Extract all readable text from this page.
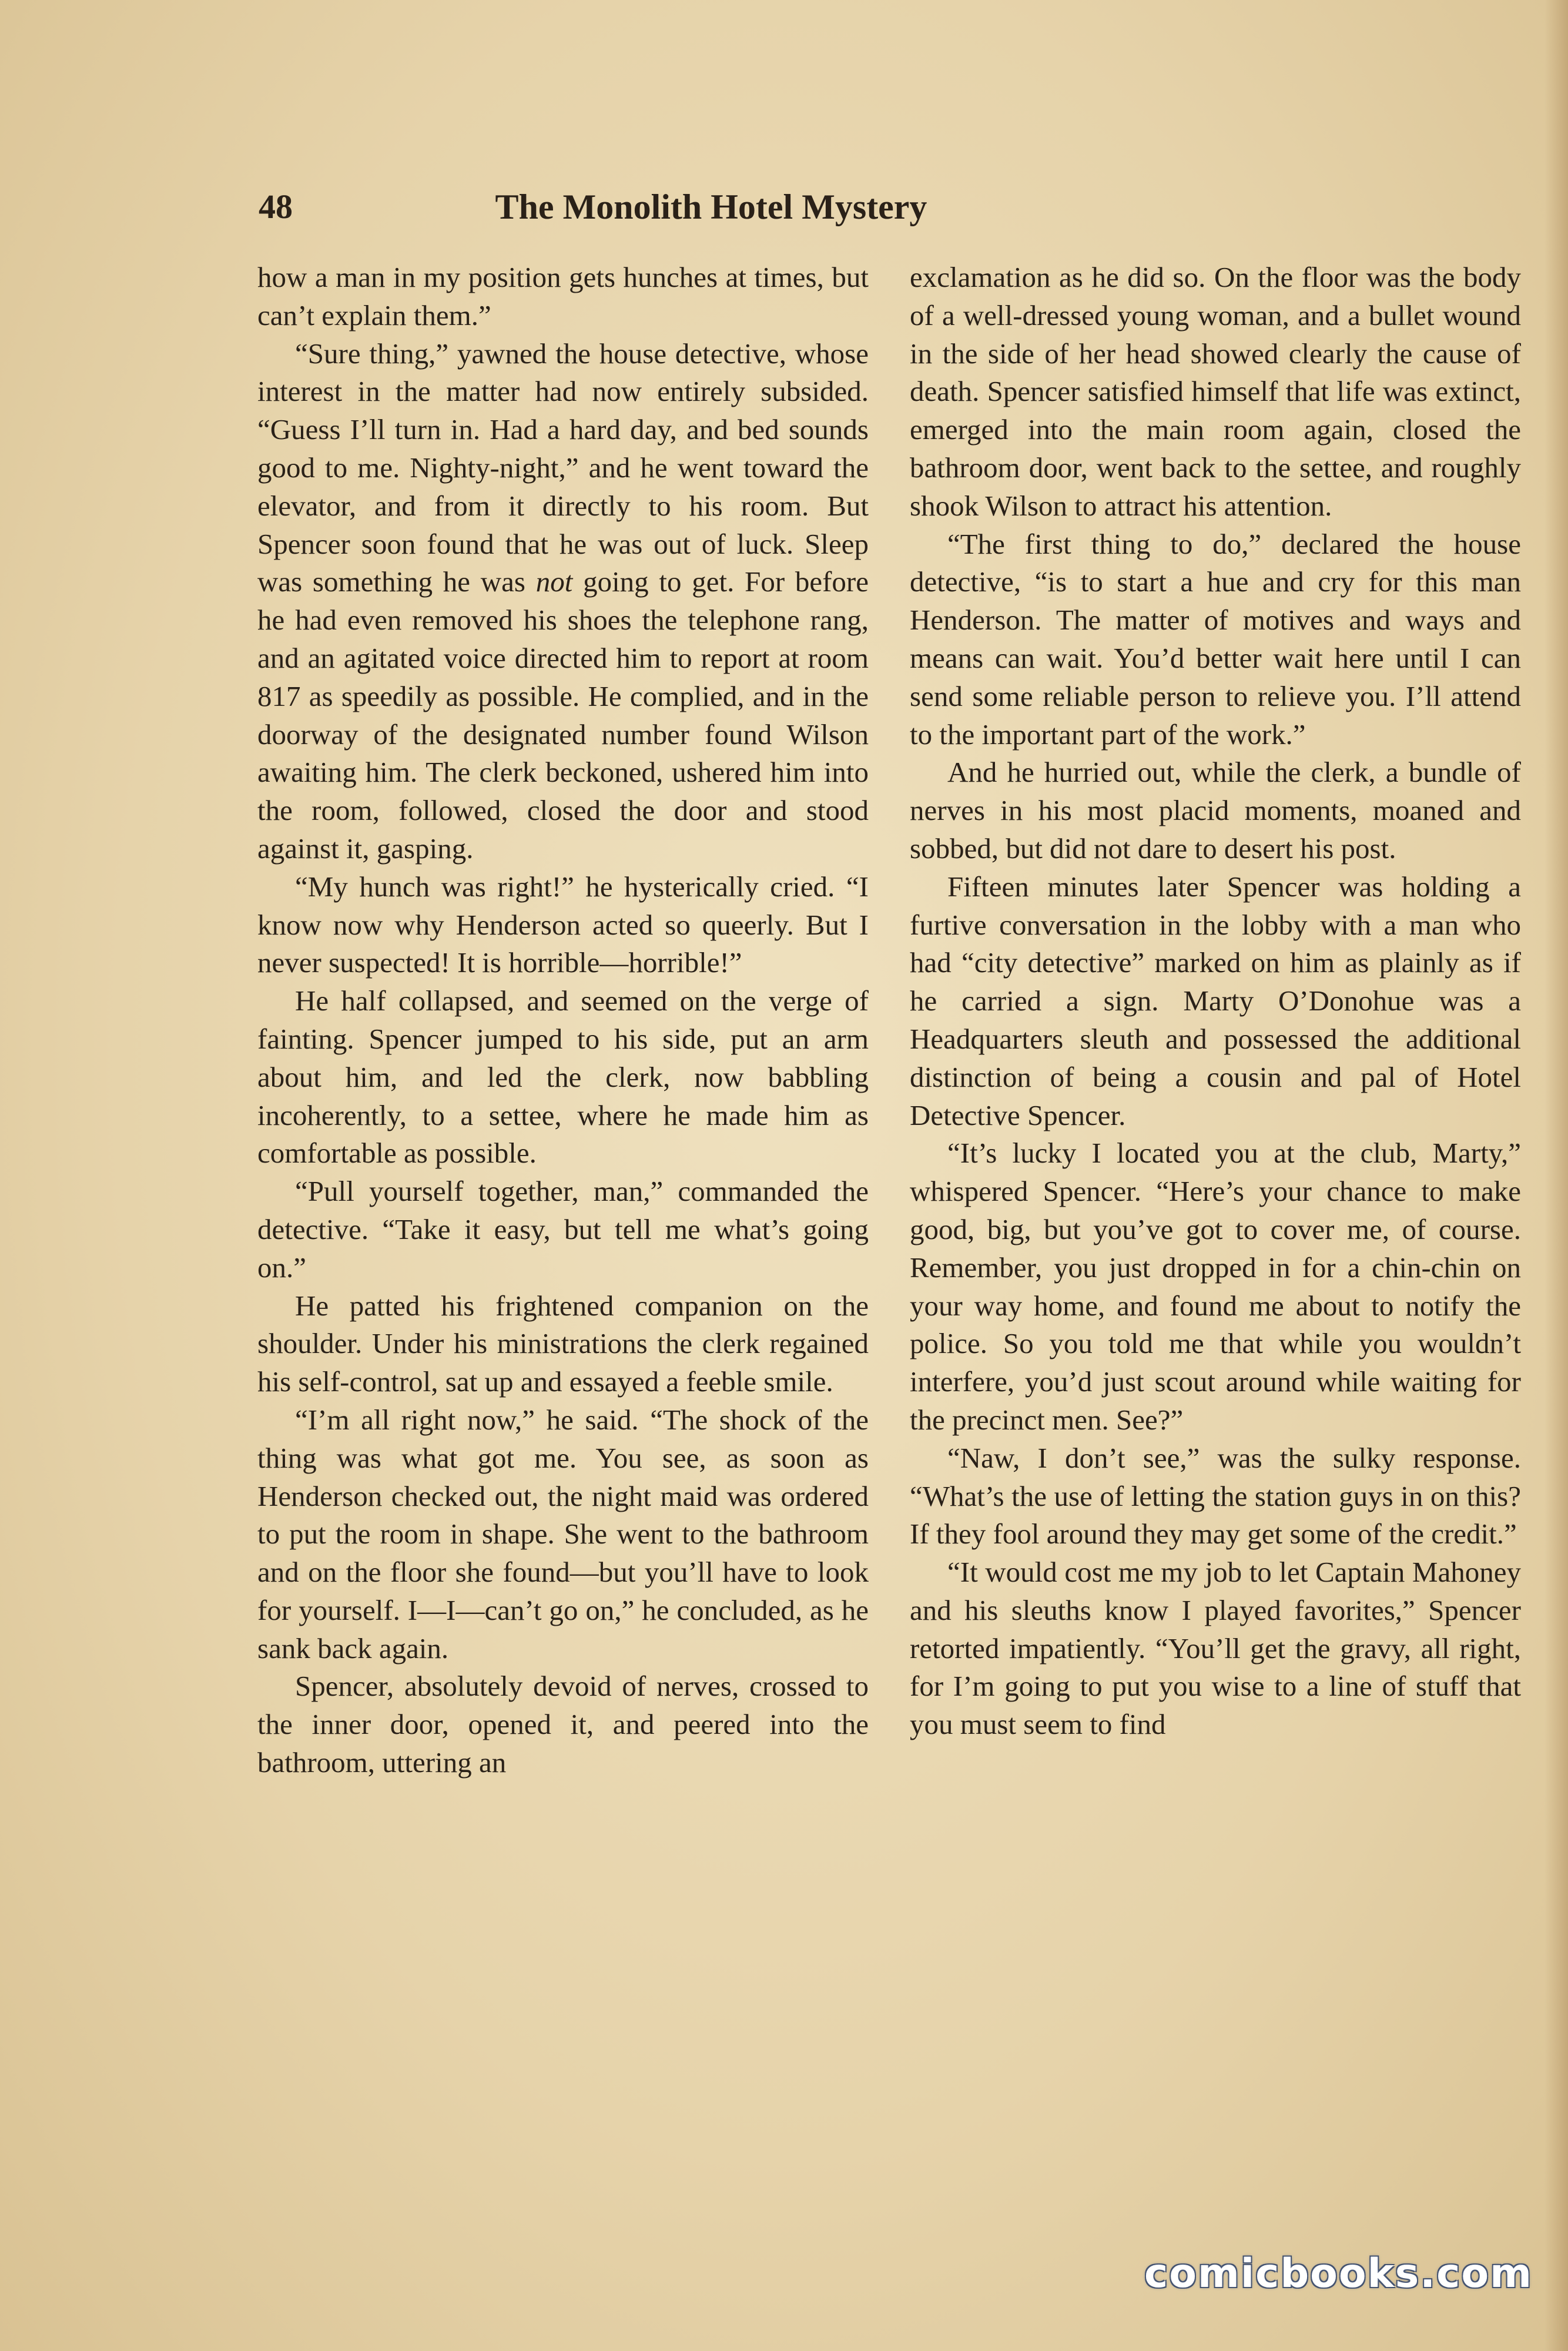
48	The Monolith Hotel Mystery

how a man in my position gets hunches at times, but can’t explain them.”

“Sure thing,” yawned the house detective, whose interest in the matter had now entirely subsided. “Guess I’ll turn in. Had a hard day, and bed sounds good to me. Nighty-night,” and he went toward the elevator, and from it directly to his room. But Spencer soon found that he was out of luck. Sleep was something he was not going to get. For before he had even removed his shoes the telephone rang, and an agitated voice directed him to report at room 817 as speedily as possible. He complied, and in the doorway of the designated number found Wilson awaiting him. The clerk beckoned, ushered him into the room, followed, closed the door and stood against it, gasping.

“My hunch was right!” he hysterically cried. “I know now why Henderson acted so queerly. But I never suspected! It is horrible—horrible!”

He half collapsed, and seemed on the verge of fainting. Spencer jumped to his side, put an arm about him, and led the clerk, now babbling incoherently, to a settee, where he made him as comfortable as possible.

“Pull yourself together, man,” commanded the detective. “Take it easy, but tell me what’s going on.”

He patted his frightened companion on the shoulder. Under his ministrations the clerk regained his self-control, sat up and essayed a feeble smile.

“I’m all right now,” he said. “The shock of the thing was what got me. You see, as soon as Henderson checked out, the night maid was ordered to put the room in shape. She went to the bathroom and on the floor she found—but you’ll have to look for yourself. I—I—can’t go on,” he concluded, as he sank back again.

Spencer, absolutely devoid of nerves, crossed to the inner door, opened it, and peered into the bathroom, uttering an

exclamation as he did so. On the floor was the body of a well-dressed young woman, and a bullet wound in the side of her head showed clearly the cause of death. Spencer satisfied himself that life was extinct, emerged into the main room again, closed the bathroom door, went back to the settee, and roughly shook Wilson to attract his attention.

“The first thing to do,” declared the house detective, “is to start a hue and cry for this man Henderson. The matter of motives and ways and means can wait. You’d better wait here until I can send some reliable person to relieve you. I’ll attend to the important part of the work.”

And he hurried out, while the clerk, a bundle of nerves in his most placid moments, moaned and sobbed, but did not dare to desert his post.

Fifteen minutes later Spencer was holding a furtive conversation in the lobby with a man who had “city detective” marked on him as plainly as if he carried a sign. Marty O’Donohue was a Headquarters sleuth and possessed the additional distinction of being a cousin and pal of Hotel Detective Spencer.

“It’s lucky I located you at the club, Marty,” whispered Spencer. “Here’s your chance to make good, big, but you’ve got to cover me, of course. Remember, you just dropped in for a chin-chin on your way home, and found me about to notify the police. So you told me that while you wouldn’t interfere, you’d just scout around while waiting for the precinct men. See?”

“Naw, I don’t see,” was the sulky response. “What’s the use of letting the station guys in on this? If they fool around they may get some of the credit.”

“It would cost me my job to let Captain Mahoney and his sleuths know I played favorites,” Spencer retorted impatiently. “You’ll get the gravy, all right, for I’m going to put you wise to a line of stuff that you must seem to find

comicbooks.com
